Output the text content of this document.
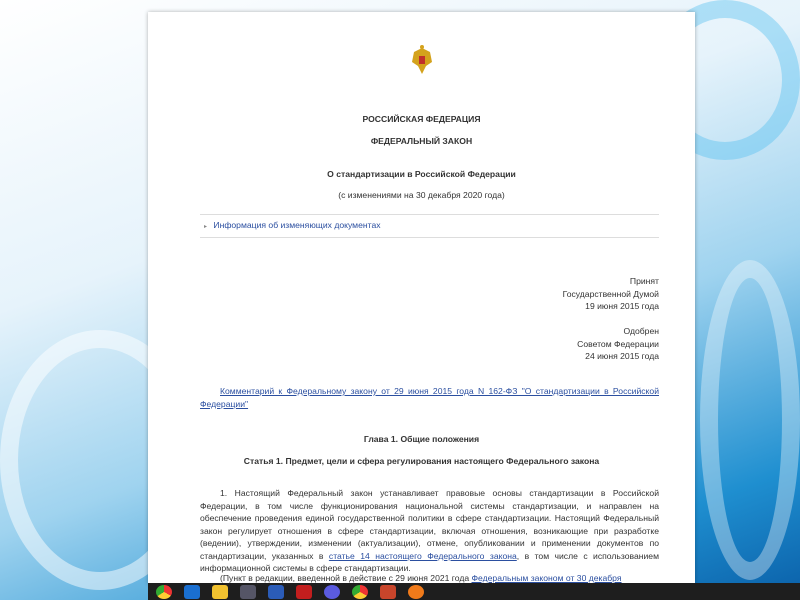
РОССИЙСКАЯ ФЕДЕРАЦИЯ
ФЕДЕРАЛЬНЫЙ ЗАКОН
О стандартизации в Российской Федерации
(с изменениями на 30 декабря 2020 года)
▸ Информация об изменяющих документах
Принят
Государственной Думой
19 июня 2015 года
Одобрен
Советом Федерации
24 июня 2015 года

Комментарий к Федеральному закону от 29 июня 2015 года N 162-ФЗ "О стандартизации в Российской Федерации"

Глава 1. Общие положения
Статья 1. Предмет, цели и сфера регулирования настоящего Федерального закона

1. Настоящий Федеральный закон устанавливает правовые основы стандартизации в Российской Федерации, в том числе функционирования национальной системы стандартизации, и направлен на обеспечение проведения единой государственной политики в сфере стандартизации. Настоящий Федеральный закон регулирует отношения в сфере стандартизации, включая отношения, возникающие при разработке (ведении), утверждении, изменении (актуализации), отмене, опубликовании и применении документов по стандартизации, указанных в статье 14 настоящего Федерального закона, в том числе с использованием информационной системы в сфере стандартизации.

(Пункт в редакции, введенной в действие с 29 июня 2021 года Федеральным законом от 30 декабря
